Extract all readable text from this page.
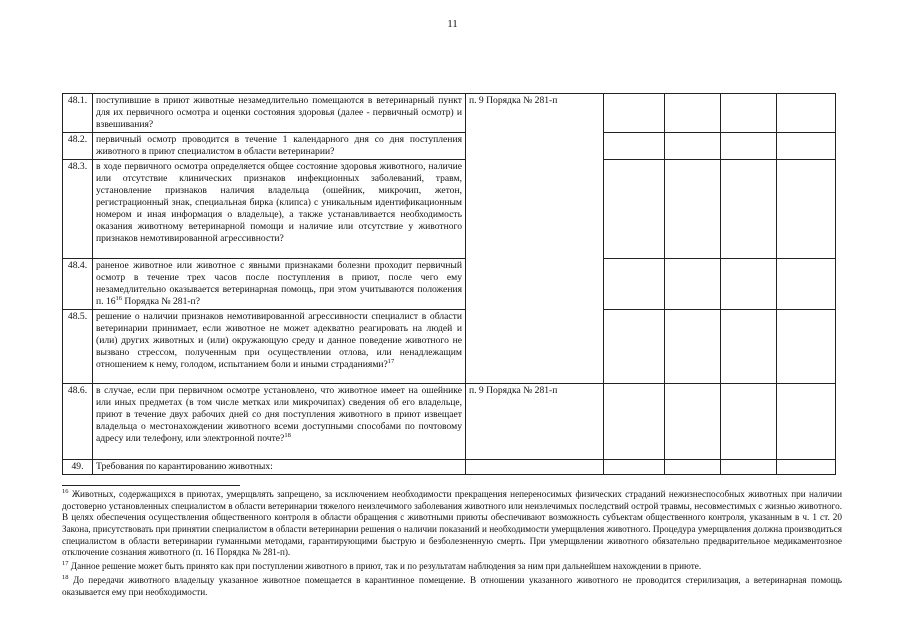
11
48.1.	поступившие в приют животные незамедлительно помещаются в ветеринарный пункт для их первичного осмотра и оценки состояния здоровья (далее - первичный осмотр) и взвешивания?	п. 9 Порядка № 281-п				
48.2.	первичный осмотр проводится в течение 1 календарного дня со дня поступления животного в приют специалистом в области ветеринарии?					
48.3.	в ходе первичного осмотра определяется общее состояние здоровья животного, наличие или отсутствие клинических признаков инфекционных заболеваний, травм, установление признаков наличия владельца (ошейник, микрочип, жетон, регистрационный знак, специальная бирка (клипса) с уникальным идентификационным номером и иная информация о владельце), а также устанавливается необходимость оказания животному ветеринарной помощи и наличие или отсутствие у животного признаков немотивированной агрессивности?					
48.4.	раненое животное или животное с явными признаками болезни проходит первичный осмотр в течение трех часов после поступления в приют, после чего ему незамедлительно оказывается ветеринарная помощь, при этом учитываются положения п. $16^{16}$ Порядка № 281-п?					
48.5.	решение о наличии признаков немотивированной агрессивности специалист в области ветеринарии принимает, если животное не может адекватно реагировать на людей и (или) других животных и (или) окружающую среду и данное поведение животного не вызвано стрессом, полученным при осуществлении отлова, или ненадлежащим отношением к нему, голодом, испытанием боли и иными страданиями?$^{17}$				
48.6.	в случае, если при первичном осмотре установлено, что животное имеет на ошейнике или иных предметах (в том числе метках или микрочипах) сведения об его владельце, приют в течение двух рабочих дней со дня поступления животного в приют извещает владельца о местонахождении животного всеми доступными способами по почтовому адресу или телефону, или электронной почте?$^{18}$	п. 9 Порядка № 281-п				
49.	Требования по карантированию животных:					

$^{16}$ Животных, содержащихся в приютах, умерщвлять запрещено, за исключением необходимости прекращения непереносимых физических страданий нежизнеспособных животных при наличии достоверно установленных специалистом в области ветеринарии тяжелого неизлечимого заболевания животного или неизлечимых последствий острой травмы, несовместимых с жизнью животного. В целях обеспечения осуществления общественного контроля в области обращения с животными приюты обеспечивают возможность субъектам общественного контроля, указанным в ч. 1 ст. 20 Закона, присутствовать при принятии специалистом в области ветеринарии решения о наличии показаний и необходимости умерщвления животного. Процедура умерщвления должна производиться специалистом в области ветеринарии гуманными методами, гарантирующими быструю и безболезненную смерть. При умерщвлении животного обязательно предварительное медикаментозное отключение сознания животного (п. 16 Порядка № 281-п).

$^{17}$ Данное решение может быть принято как при поступлении животного в приют, так и по результатам наблюдения за ним при дальнейшем нахождении в приюте.

$^{18}$ До передачи животного владельцу указанное животное помещается в карантинное помещение. В отношении указанного животного не проводится стерилизация, а ветеринарная помощь оказывается ему при необходимости.
